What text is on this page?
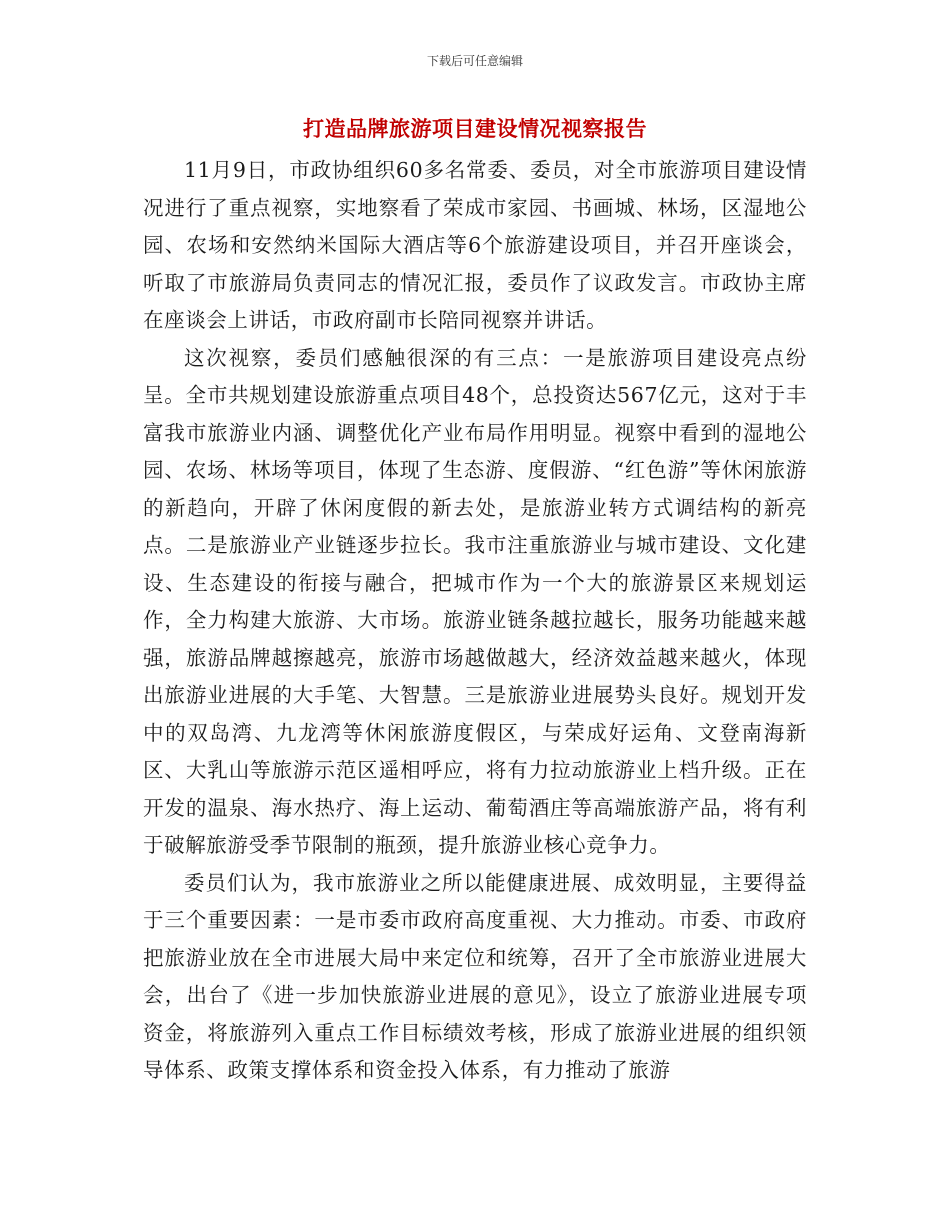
下载后可任意编辑
打造品牌旅游项目建设情况视察报告

11月9日，市政协组织60多名常委、委员，对全市旅游项目建设情况进行了重点视察，实地察看了荣成市家园、书画城、林场，区湿地公园、农场和安然纳米国际大酒店等6个旅游建设项目，并召开座谈会，听取了市旅游局负责同志的情况汇报，委员作了议政发言。市政协主席在座谈会上讲话，市政府副市长陪同视察并讲话。

这次视察，委员们感触很深的有三点：一是旅游项目建设亮点纷呈。全市共规划建设旅游重点项目48个，总投资达567亿元，这对于丰富我市旅游业内涵、调整优化产业布局作用明显。视察中看到的湿地公园、农场、林场等项目，体现了生态游、度假游、“红色游”等休闲旅游的新趋向，开辟了休闲度假的新去处，是旅游业转方式调结构的新亮点。二是旅游业产业链逐步拉长。我市注重旅游业与城市建设、文化建设、生态建设的衔接与融合，把城市作为一个大的旅游景区来规划运作，全力构建大旅游、大市场。旅游业链条越拉越长，服务功能越来越强，旅游品牌越擦越亮，旅游市场越做越大，经济效益越来越火，体现出旅游业进展的大手笔、大智慧。三是旅游业进展势头良好。规划开发中的双岛湾、九龙湾等休闲旅游度假区，与荣成好运角、文登南海新区、大乳山等旅游示范区遥相呼应，将有力拉动旅游业上档升级。正在开发的温泉、海水热疗、海上运动、葡萄酒庄等高端旅游产品，将有利于破解旅游受季节限制的瓶颈，提升旅游业核心竞争力。

委员们认为，我市旅游业之所以能健康进展、成效明显，主要得益于三个重要因素：一是市委市政府高度重视、大力推动。市委、市政府把旅游业放在全市进展大局中来定位和统筹，召开了全市旅游业进展大会，出台了《进一步加快旅游业进展的意见》，设立了旅游业进展专项资金，将旅游列入重点工作目标绩效考核，形成了旅游业进展的组织领导体系、政策支撑体系和资金投入体系，有力推动了旅游
